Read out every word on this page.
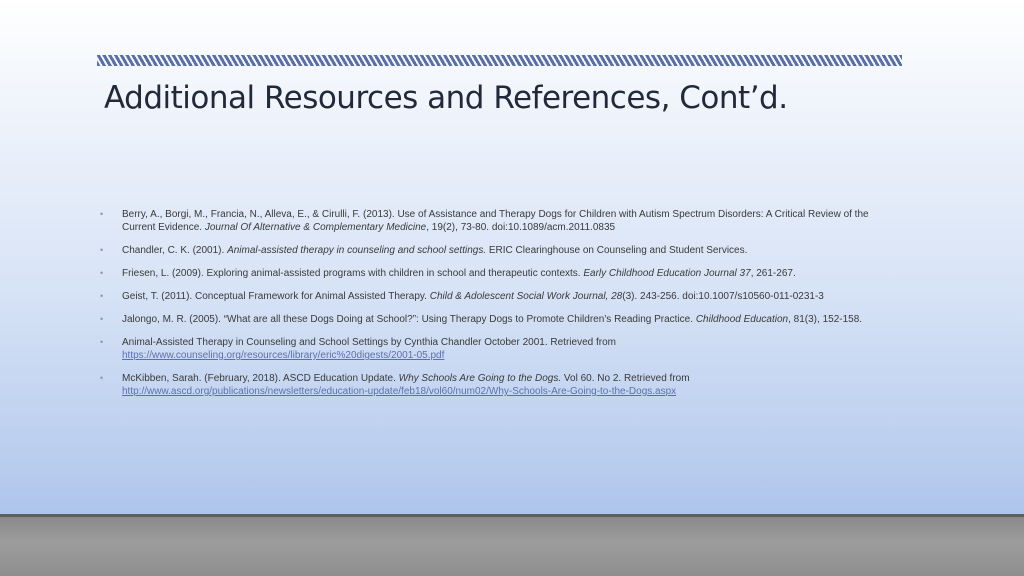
Additional Resources and References, Cont’d.
• Berry, A., Borgi, M., Francia, N., Alleva, E., & Cirulli, F. (2013). Use of Assistance and Therapy Dogs for Children with Autism Spectrum Disorders: A Critical Review of the Current Evidence. Journal Of Alternative & Complementary Medicine, 19(2), 73-80. doi:10.1089/acm.2011.0835
• Chandler, C. K. (2001). Animal-assisted therapy in counseling and school settings. ERIC Clearinghouse on Counseling and Student Services.
• Friesen, L. (2009). Exploring animal-assisted programs with children in school and therapeutic contexts. Early Childhood Education Journal 37, 261-267.
• Geist, T. (2011). Conceptual Framework for Animal Assisted Therapy. Child & Adolescent Social Work Journal, 28(3). 243-256. doi:10.1007/s10560-011-0231-3
• Jalongo, M. R. (2005). “What are all these Dogs Doing at School?”: Using Therapy Dogs to Promote Children’s Reading Practice. Childhood Education, 81(3), 152-158.
• Animal-Assisted Therapy in Counseling and School Settings by Cynthia Chandler October 2001. Retrieved from https://www.counseling.org/resources/library/eric%20digests/2001-05.pdf
• McKibben, Sarah. (February, 2018). ASCD Education Update. Why Schools Are Going to the Dogs. Vol 60. No 2. Retrieved from http://www.ascd.org/publications/newsletters/education-update/feb18/vol60/num02/Why-Schools-Are-Going-to-the-Dogs.aspx
